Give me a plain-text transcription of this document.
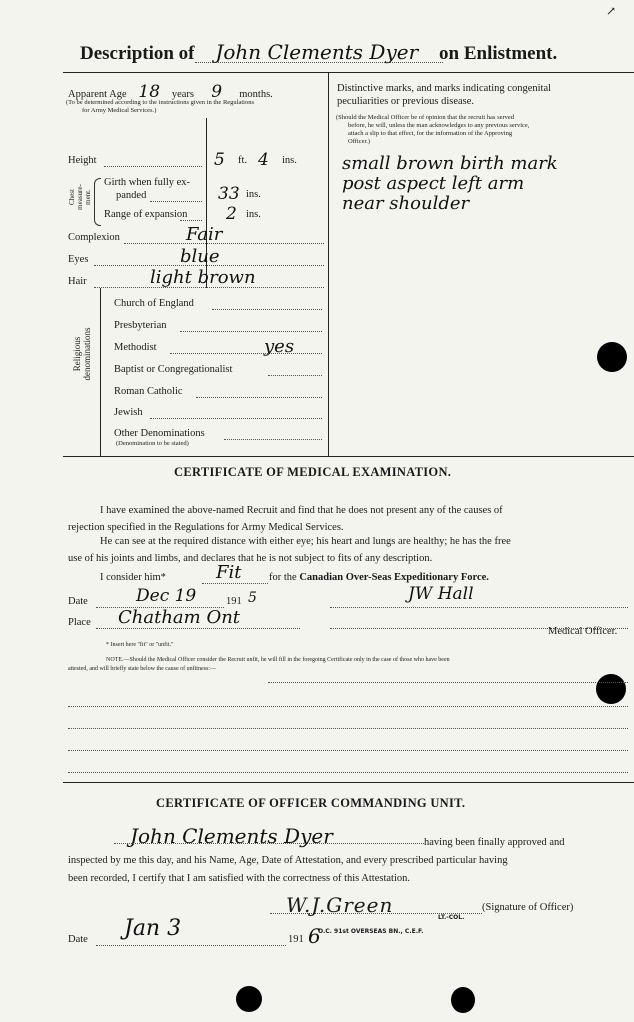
↗
Description of John Clements Dyer on Enlistment.
Apparent Age 18 years 9 months.
(To be determined according to the instructions given in the Regulations
for Army Medical Services.)
Height	5 ft. 4 ins.
Chest
measure-
ment.
Girth when fully ex-
panded	33 ins.
Range of expansion 2 ins.
Complexion	Fair
Eyes	blue
Hair	light brown
Religious
denominations
Church of England
Presbyterian
Methodist	yes
Baptist or Congregationalist
Roman Catholic
Jewish
Other Denominations
(Denomination to be stated)
Distinctive marks, and marks indicating congenital
peculiarities or previous disease.
(Should the Medical Officer be of opinion that the recruit has served
before, he will, unless the man acknowledges to any previous service,
attach a slip to that effect, for the information of the Approving
Officer.)
small brown birth mark
post aspect left arm
near shoulder
CERTIFICATE OF MEDICAL EXAMINATION.
I have examined the above-named Recruit and find that he does not present any of the causes of
rejection specified in the Regulations for Army Medical Services.
He can see at the required distance with either eye; his heart and lungs are healthy; he has the free
use of his joints and limbs, and declares that he is not subject to fits of any description.
I consider him*	Fit	for the Canadian Over-Seas Expeditionary Force.
Date	Dec 19	191 5	JW Hall
Place Chatham Ont
Medical Officer.
* Insert here "fit" or "unfit."
NOTE.—Should the Medical Officer consider the Recruit unfit, he will fill in the foregoing Certificate only in the case of those who have been
attested, and will briefly state below the cause of unfitness:—
CERTIFICATE OF OFFICER COMMANDING UNIT.
John Clements Dyer	having been finally approved and
inspected by me this day, and his Name, Age, Date of Attestation, and every prescribed particular having
been recorded, I certify that I am satisfied with the correctness of this Attestation.
W.J.Green
LT.-COL.
(Signature of Officer)
O.C. 91st OVERSEAS BN., C.E.F.
Date Jan 3	191 6
